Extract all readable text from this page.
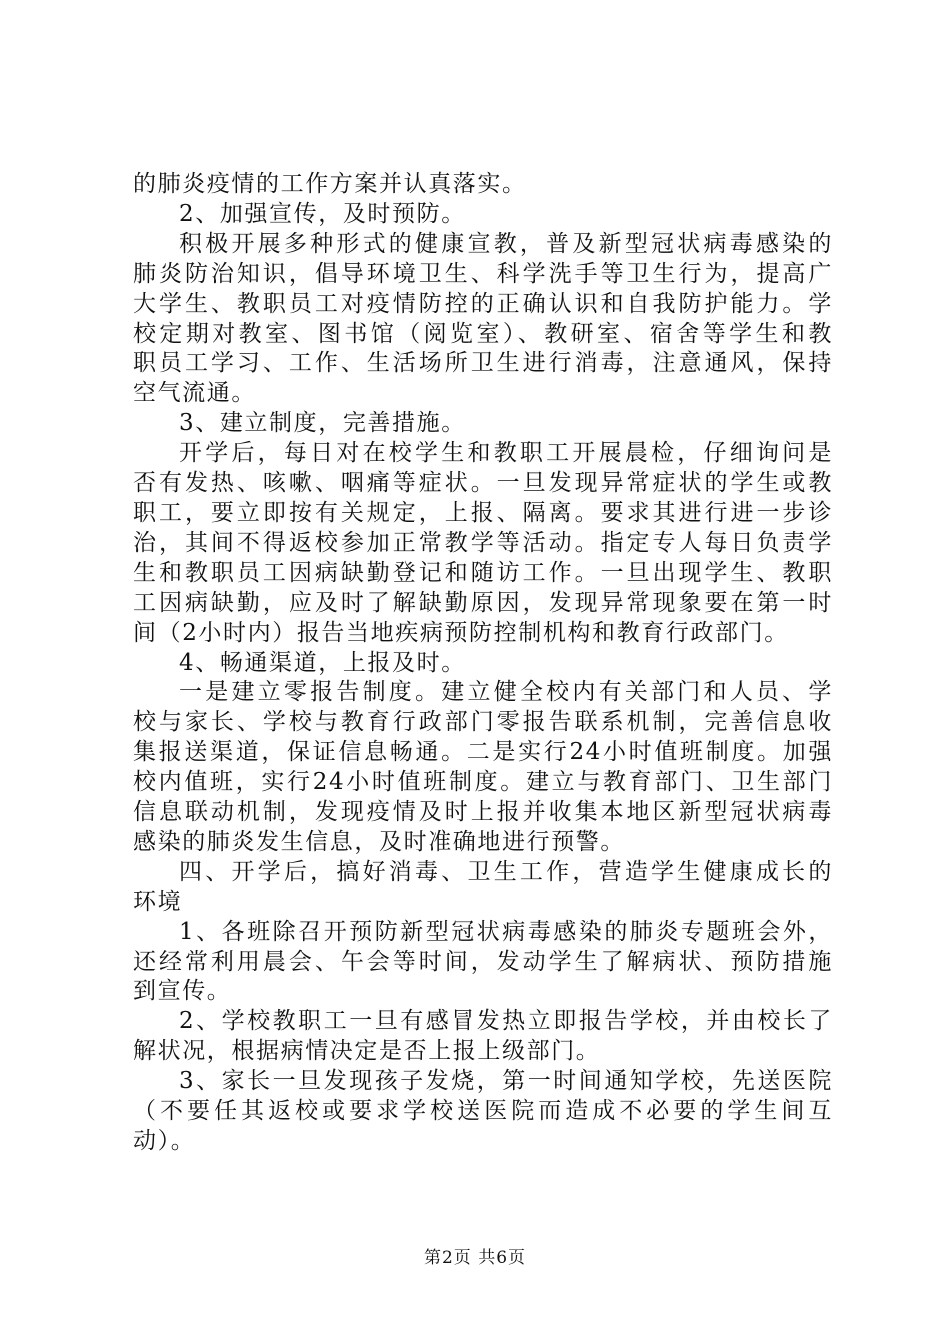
的肺炎疫情的工作方案并认真落实。
2、加强宣传，及时预防。
积极开展多种形式的健康宣教，普及新型冠状病毒感染的
肺炎防治知识，倡导环境卫生、科学洗手等卫生行为，提高广
大学生、教职员工对疫情防控的正确认识和自我防护能力。学
校定期对教室、图书馆（阅览室）、教研室、宿舍等学生和教
职员工学习、工作、生活场所卫生进行消毒，注意通风，保持
空气流通。
3、建立制度，完善措施。
开学后，每日对在校学生和教职工开展晨检，仔细询问是
否有发热、咳嗽、咽痛等症状。一旦发现异常症状的学生或教
职工，要立即按有关规定，上报、隔离。要求其进行进一步诊
治，其间不得返校参加正常教学等活动。指定专人每日负责学
生和教职员工因病缺勤登记和随访工作。一旦出现学生、教职
工因病缺勤，应及时了解缺勤原因，发现异常现象要在第一时
间（2小时内）报告当地疾病预防控制机构和教育行政部门。
4、畅通渠道，上报及时。
一是建立零报告制度。建立健全校内有关部门和人员、学
校与家长、学校与教育行政部门零报告联系机制，完善信息收
集报送渠道，保证信息畅通。二是实行24小时值班制度。加强
校内值班，实行24小时值班制度。建立与教育部门、卫生部门
信息联动机制，发现疫情及时上报并收集本地区新型冠状病毒
感染的肺炎发生信息，及时准确地进行预警。
四、开学后，搞好消毒、卫生工作，营造学生健康成长的
环境
1、各班除召开预防新型冠状病毒感染的肺炎专题班会外，
还经常利用晨会、午会等时间，发动学生了解病状、预防措施
到宣传。
2、学校教职工一旦有感冒发热立即报告学校，并由校长了
解状况，根据病情决定是否上报上级部门。
3、家长一旦发现孩子发烧，第一时间通知学校，先送医院
（不要任其返校或要求学校送医院而造成不必要的学生间互
动）。
第2页 共6页
